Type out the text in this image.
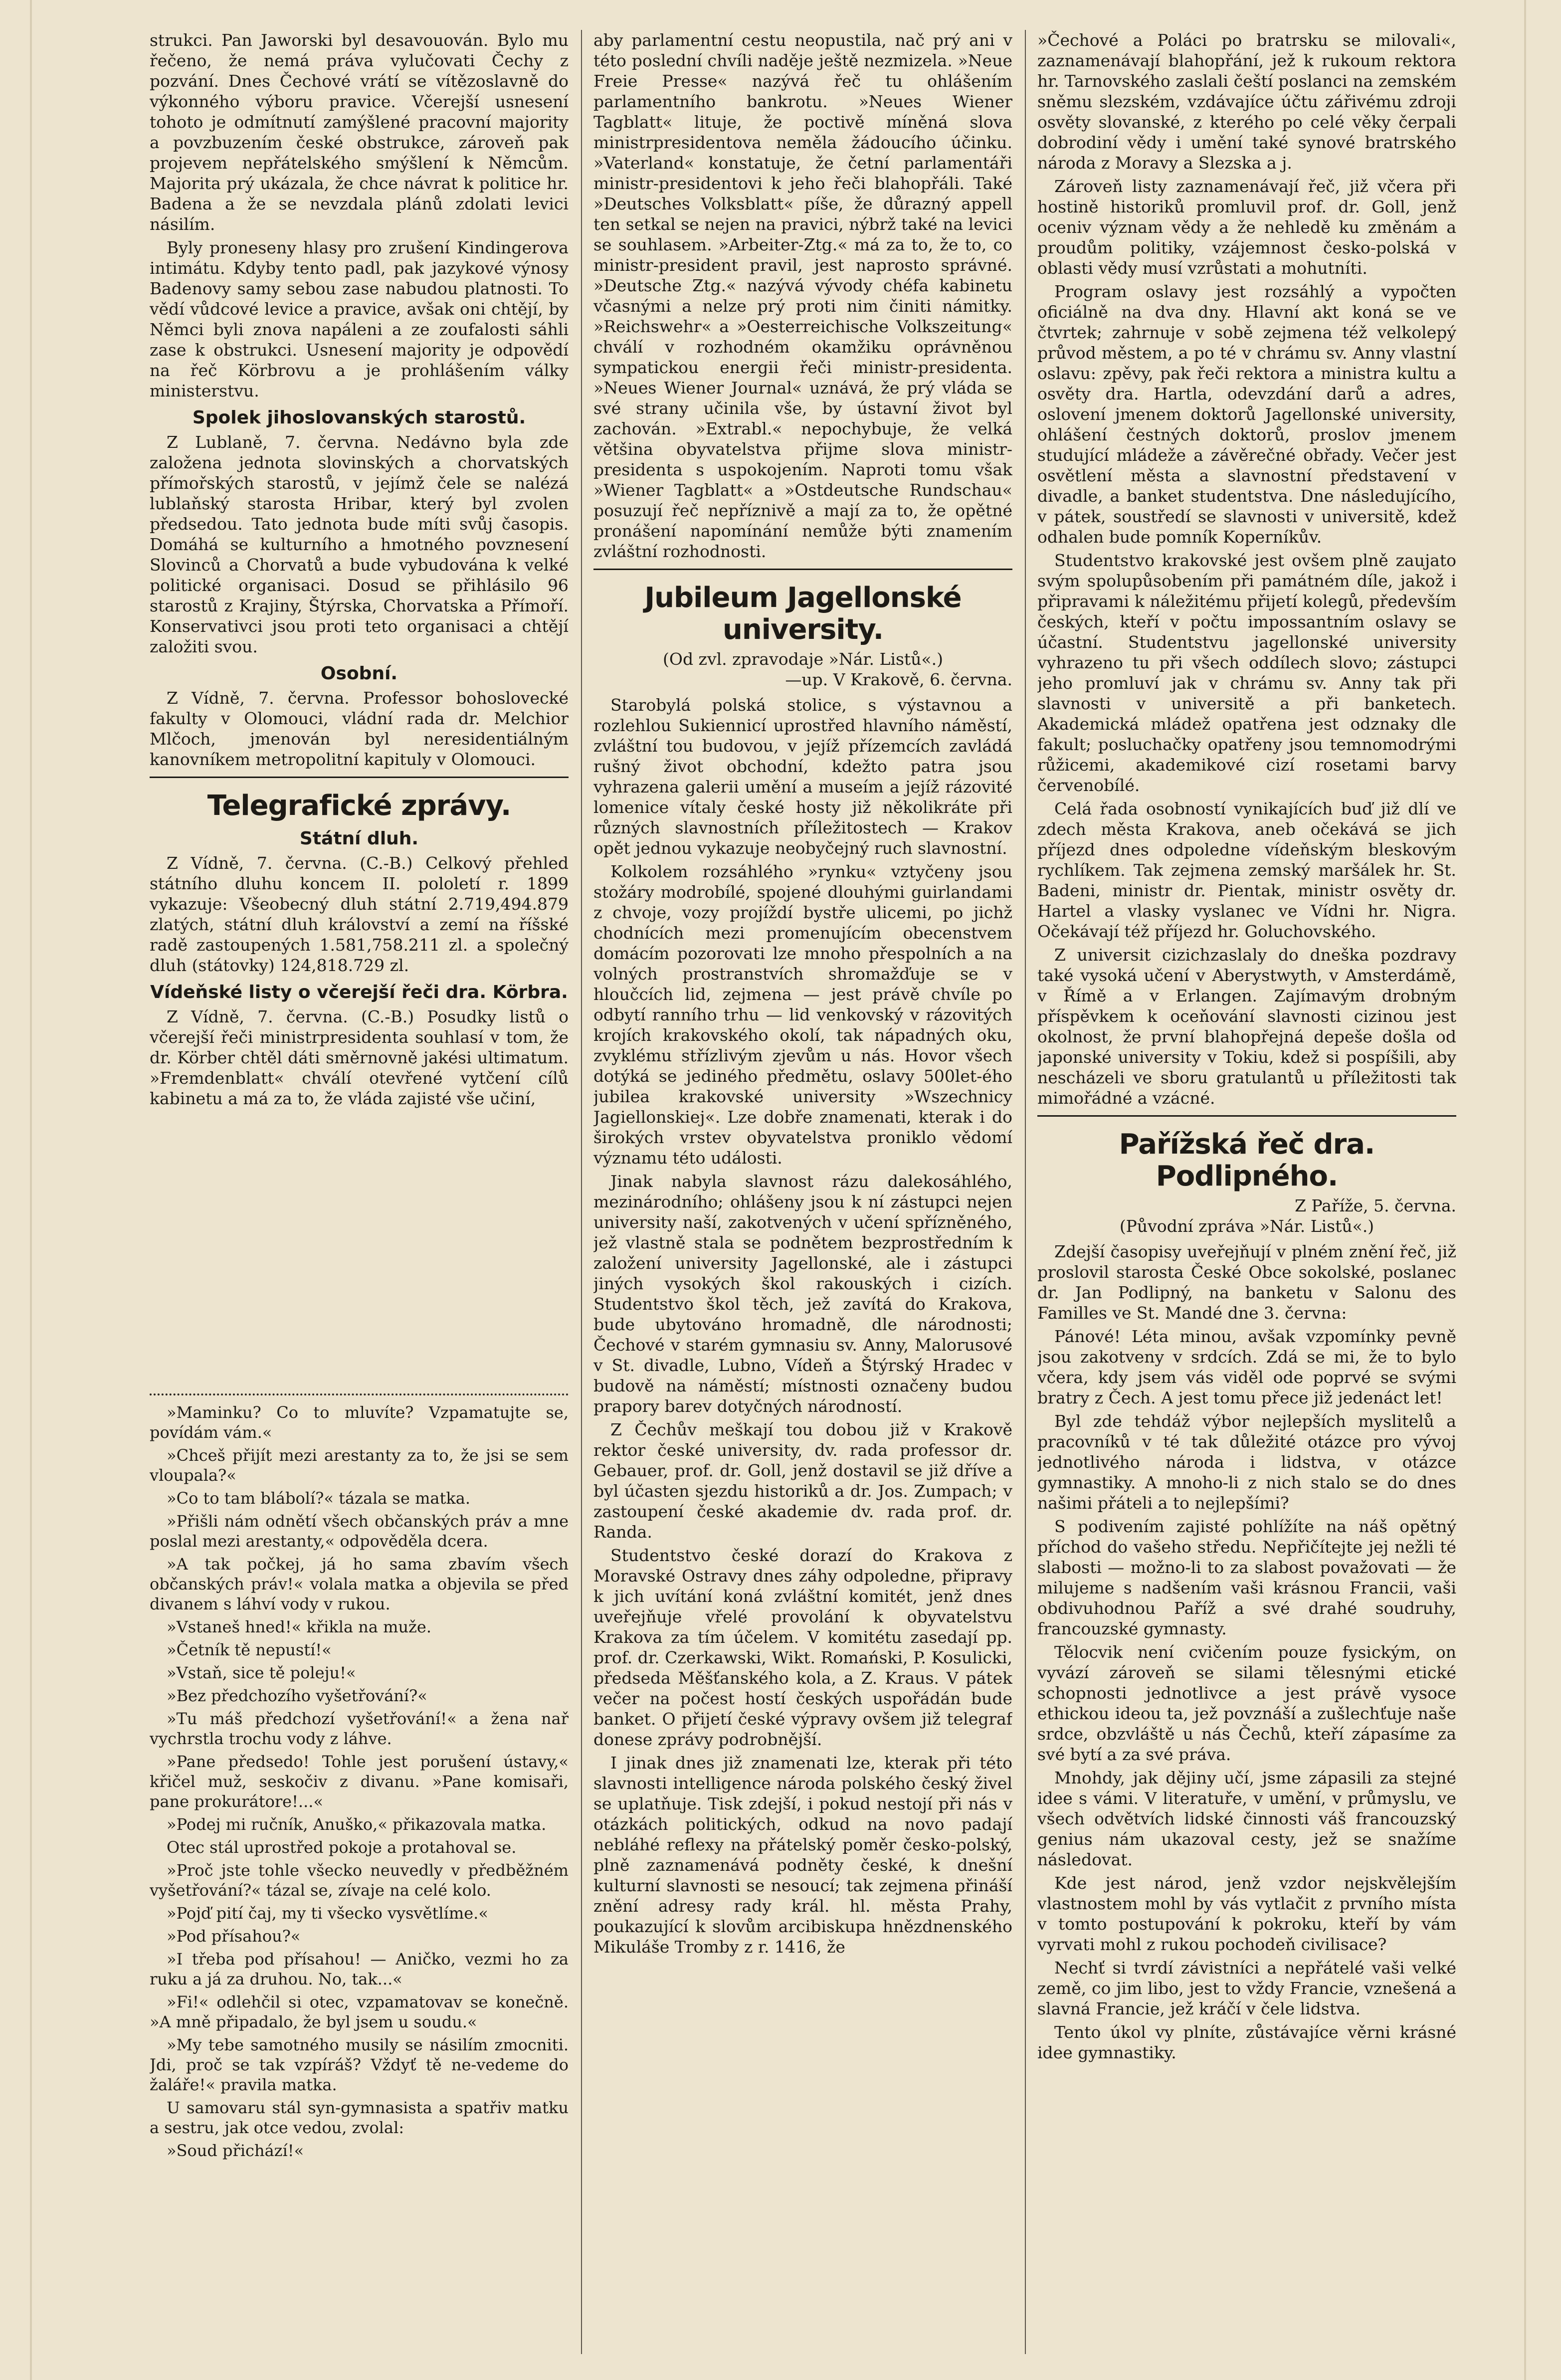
strukci. Pan Jaworski byl desavouován. Bylo mu řečeno, že nemá práva vylučovati Čechy z pozvání. Dnes Čechové vrátí se vítězoslavně do výkonného výboru pravice. Včerejší usnesení tohoto je odmítnutí zamýšlené pracovní majority a povzbuzením české obstrukce, zároveň pak projevem nepřátelského smýšlení k Němcům. Majorita prý ukázala, že chce návrat k politice hr. Badena a že se nevzdala plánů zdolati levici násilím.

Byly proneseny hlasy pro zrušení Kindingerova intimátu. Kdyby tento padl, pak jazykové výnosy Badenovy samy sebou zase nabudou platnosti. To vědí vůdcové levice a pravice, avšak oni chtějí, by Němci byli znova napáleni a ze zoufalosti sáhli zase k obstrukci. Usnesení majority je odpovědí na řeč Körbrovu a je prohlášením války ministerstvu.

Spolek jihoslovanských starostů.

Z Lublaně, 7. června. Nedávno byla zde založena jednota slovinských a chorvatských přímořských starostů, v jejímž čele se nalézá lublaňský starosta Hribar, který byl zvolen předsedou. Tato jednota bude míti svůj časopis. Domáhá se kulturního a hmotného povznesení Slovinců a Chorvatů a bude vybudována k velké politické organisaci. Dosud se přihlásilo 96 starostů z Krajiny, Štýrska, Chorvatska a Přímoří. Konservativci jsou proti teto organisaci a chtějí založiti svou.

Osobní.

Z Vídně, 7. června. Professor bohoslovecké fakulty v Olomouci, vládní rada dr. Melchior Mlčoch, jmenován byl neresidentiálným kanovníkem metropolitní kapituly v Olomouci.

Telegrafické zprávy.
Státní dluh.

Z Vídně, 7. června. (C.-B.) Celkový přehled státního dluhu koncem II. pololetí r. 1899 vykazuje: Všeobecný dluh státní 2.719,494.879 zlatých, státní dluh království a zemí na říšské radě zastoupených 1.581,758.211 zl. a společný dluh (státovky) 124,818.729 zl.

Vídeňské listy o včerejší řeči dra. Körbra.

Z Vídně, 7. června. (C.-B.) Posudky listů o včerejší řeči ministrpresidenta souhlasí v tom, že dr. Körber chtěl dáti směrnovně jakési ultimatum. »Fremdenblatt« chválí otevřené vytčení cílů kabinetu a má za to, že vláda zajisté vše učiní,

aby parlamentní cestu neopustila, nač prý ani v této poslední chvíli naděje ještě nezmizela. »Neue Freie Presse« nazývá řeč tu ohlášením parlamentního bankrotu. »Neues Wiener Tagblatt« lituje, že poctivě míněná slova ministrpresidentova neměla žádoucího účinku. »Vaterland« konstatuje, že četní parlamentáři ministr-presidentovi k jeho řeči blahopřáli. Také »Deutsches Volksblatt« píše, že důrazný appell ten setkal se nejen na pravici, nýbrž také na levici se souhlasem. »Arbeiter-Ztg.« má za to, že to, co ministr-president pravil, jest naprosto správné. »Deutsche Ztg.« nazývá vývody chéfa kabinetu včasnými a nelze prý proti nim činiti námitky. »Reichswehr« a »Oesterreichische Volkszeitung« chválí v rozhodném okamžiku oprávněnou sympatickou energii řeči ministr-presidenta. »Neues Wiener Journal« uznává, že prý vláda se své strany učinila vše, by ústavní život byl zachován. »Extrabl.« nepochybuje, že velká většina obyvatelstva přijme slova ministr-presidenta s uspokojením. Naproti tomu však »Wiener Tagblatt« a »Ostdeutsche Rundschau« posuzují řeč nepříznivě a mají za to, že opětné pronášení napomínání nemůže býti znamením zvláštní rozhodnosti.

Jubileum Jagellonské university.

(Od zvl. zpravodaje »Nár. Listů«.)

—up. V Krakově, 6. června.

Starobylá polská stolice, s výstavnou a rozlehlou Sukiennicí uprostřed hlavního náměstí, zvláštní tou budovou, v jejíž přízemcích zavládá rušný život obchodní, kdežto patra jsou vyhrazena galerii umění a museím a jejíž rázovité lomenice vítaly české hosty již několikráte při různých slavnostních příležitostech — Krakov opět jednou vykazuje neobyčejný ruch slavnostní.

Kolkolem rozsáhlého »rynku« vztyčeny jsou stožáry modrobílé, spojené dlouhými guirlandami z chvoje, vozy projíždí bystře ulicemi, po jichž chodnících mezi promenujícím obecenstvem domácím pozorovati lze mnoho přespolních a na volných prostranstvích shromažďuje se v hloučcích lid, zejmena — jest právě chvíle po odbytí ranního trhu — lid venkovský v rázovitých krojích krakovského okolí, tak nápadných oku, zvyklému střízlivým zjevům u nás. Hovor všech dotýká se jediného předmětu, oslavy 500let-ého jubilea krakovské university »Wszechnicy Jagiellonskiej«. Lze dobře znamenati, kterak i do širokých vrstev obyvatelstva proniklo vědomí významu této události.

Jinak nabyla slavnost rázu dalekosáhlého, mezinárodního; ohlášeny jsou k ní zástupci nejen university naší, zakotvených v učení spřízněného, jež vlastně stala se podnětem bezprostředním k založení university Jagellonské, ale i zástupci jiných vysokých škol rakouských i cizích. Studentstvo škol těch, jež zavítá do Krakova, bude ubytováno hromadně, dle národnosti; Čechové v starém gymnasiu sv. Anny, Malorusové v St. divadle, Lubno, Vídeň a Štýrský Hradec v budově na náměstí; místnosti označeny budou prapory barev dotyčných národností.

Z Čechův meškají tou dobou již v Krakově rektor české university, dv. rada professor dr. Gebauer, prof. dr. Goll, jenž dostavil se již dříve a byl účasten sjezdu historiků a dr. Jos. Zumpach; v zastoupení české akademie dv. rada prof. dr. Randa.

Studentstvo české dorazí do Krakova z Moravské Ostravy dnes záhy odpoledne, připravy k jich uvítání koná zvláštní komitét, jenž dnes uveřejňuje vřelé provolání k obyvatelstvu Krakova za tím účelem. V komitétu zasedají pp. prof. dr. Czerkawski, Wikt. Romański, P. Kosulicki, předseda Měšťanského kola, a Z. Kraus. V pátek večer na počest hostí českých uspořádán bude banket. O přijetí české výpravy ovšem již telegraf donese zprávy podrobnější.

I jinak dnes již znamenati lze, kterak při této slavnosti intelligence národa polského český živel se uplatňuje. Tisk zdejší, i pokud nestojí při nás v otázkách politických, odkud na novo padají nebláhé reflexy na přátelský poměr česko-polský, plně zaznamenává podněty české, k dnešní kulturní slavnosti se nesoucí; tak zejmena přináší znění adresy rady král. hl. města Prahy, poukazující k slovům arcibiskupa hnězdnenského Mikuláše Tromby z r. 1416, že

»Čechové a Poláci po bratrsku se milovali«, zaznamenávají blahopřání, jež k rukoum rektora hr. Tarnovského zaslali čeští poslanci na zemském sněmu slezském, vzdávajíce účtu zářivému zdroji osvěty slovanské, z kterého po celé věky čerpali dobrodiní vědy i umění také synové bratrského národa z Moravy a Slezska a j.

Zároveň listy zaznamenávají řeč, již včera při hostině historiků promluvil prof. dr. Goll, jenž oceniv význam vědy a že nehledě ku změnám a proudům politiky, vzájemnost česko-polská v oblasti vědy musí vzrůstati a mohutníti.

Program oslavy jest rozsáhlý a vypočten oficiálně na dva dny. Hlavní akt koná se ve čtvrtek; zahrnuje v sobě zejmena též velkolepý průvod městem, a po té v chrámu sv. Anny vlastní oslavu: zpěvy, pak řeči rektora a ministra kultu a osvěty dra. Hartla, odevzdání darů a adres, oslovení jmenem doktorů Jagellonské university, ohlášení čestných doktorů, proslov jmenem studující mládeže a závěrečné obřady. Večer jest osvětlení města a slavnostní představení v divadle, a banket studentstva. Dne následujícího, v pátek, soustředí se slavnosti v universitě, kdež odhalen bude pomník Koperníkův.

Studentstvo krakovské jest ovšem plně zaujato svým spolupůsobením při památném díle, jakož i připravami k náležitému přijetí kolegů, především českých, kteří v počtu impossantním oslavy se účastní. Studentstvu jagellonské university vyhrazeno tu při všech oddílech slovo; zástupci jeho promluví jak v chrámu sv. Anny tak při slavnosti v universitě a při banketech. Akademická mládež opatřena jest odznaky dle fakult; posluchačky opatřeny jsou temnomodrými růžicemi, akademikové cizí rosetami barvy červenobílé.

Celá řada osobností vynikajících buď již dlí ve zdech města Krakova, aneb očekává se jich příjezd dnes odpoledne vídeňským bleskovým rychlíkem. Tak zejmena zemský maršálek hr. St. Badeni, ministr dr. Pientak, ministr osvěty dr. Hartel a vlasky vyslanec ve Vídni hr. Nigra. Očekávají též příjezd hr. Goluchovského.

Z universit cizichzaslaly do dneška pozdravy také vysoká učení v Aberystwyth, v Amsterdámě, v Římě a v Erlangen. Zajímavým drobným příspěvkem k oceňování slavnosti cizinou jest okolnost, že první blahopřejná depeše došla od japonské university v Tokiu, kdež si pospíšili, aby nescházeli ve sboru gratulantů u příležitosti tak mimořádné a vzácné.

Pařížská řeč dra. Podlipného.

Z Paříže, 5. června.

(Původní zpráva »Nár. Listů«.)

Zdejší časopisy uveřejňují v plném znění řeč, již proslovil starosta České Obce sokolské, poslanec dr. Jan Podlipný, na banketu v Salonu des Familles ve St. Mandé dne 3. června:

Pánové! Léta minou, avšak vzpomínky pevně jsou zakotveny v srdcích. Zdá se mi, že to bylo včera, kdy jsem vás viděl ode poprvé se svými bratry z Čech. A jest tomu přece již jedenáct let!

Byl zde tehdáž výbor nejlepších myslitelů a pracovníků v té tak důležité otázce pro vývoj jednotlivého národa i lidstva, v otázce gymnastiky. A mnoho-li z nich stalo se do dnes našimi přáteli a to nejlepšími?

S podivením zajisté pohlížíte na náš opětný příchod do vašeho středu. Nepřičítejte jej nežli té slabosti — možno-li to za slabost považovati — že milujeme s nadšením vaši krásnou Francii, vaši obdivuhodnou Paříž a své drahé soudruhy, francouzské gymnasty.

Tělocvik není cvičením pouze fysickým, on vyvází zároveň se silami tělesnými etické schopnosti jednotlivce a jest právě vysoce ethickou ideou ta, jež povznáší a zušlechťuje naše srdce, obzvláště u nás Čechů, kteří zápasíme za své bytí a za své práva.

Mnohdy, jak dějiny učí, jsme zápasili za stejné idee s vámi. V literatuře, v umění, v průmyslu, ve všech odvětvích lidské činnosti váš francouzský genius nám ukazoval cesty, jež se snažíme následovat.

Kde jest národ, jenž vzdor nejskvělejším vlastnostem mohl by vás vytlačit z prvního místa v tomto postupování k pokroku, kteří by vám vyrvati mohl z rukou pochodeň civilisace?

Nechť si tvrdí závistníci a nepřátelé vaši velké země, co jim libo, jest to vždy Francie, vznešená a slavná Francie, jež kráčí v čele lidstva.

Tento úkol vy plníte, zůstávajíce věrni krásné idee gymnastiky.

»Maminku? Co to mluvíte? Vzpamatujte se, povídám vám.«

»Chceš přijít mezi arestanty za to, že jsi se sem vloupala?«

»Co to tam blábolí?« tázala se matka.

»Přišli nám odnětí všech občanských práv a mne poslal mezi arestanty,« odpověděla dcera.

»A tak počkej, já ho sama zbavím všech občanských práv!« volala matka a objevila se před divanem s láhví vody v rukou.

»Vstaneš hned!« křikla na muže.

»Četník tě nepustí!«

»Vstaň, sice tě poleju!«

»Bez předchozího vyšetřování?«

»Tu máš předchozí vyšetřování!« a žena nař vychrstla trochu vody z láhve.

»Pane předsedo! Tohle jest porušení ústavy,« křičel muž, seskočiv z divanu. »Pane komisaři, pane prokurátore!...«

»Podej mi ručník, Anuško,« přikazovala matka.

Otec stál uprostřed pokoje a protahoval se.

»Proč jste tohle všecko neuvedly v předběžném vyšetřování?« tázal se, zívaje na celé kolo.

»Pojď pití čaj, my ti všecko vysvětlíme.«

»Pod přísahou?«

»I třeba pod přísahou! — Aničko, vezmi ho za ruku a já za druhou. No, tak...«

»Fi!« odlehčil si otec, vzpamatovav se konečně. »A mně připadalo, že byl jsem u soudu.«

»My tebe samotného musily se násilím zmocniti. Jdi, proč se tak vzpíráš? Vždyť tě ne-vedeme do žaláře!« pravila matka.

U samovaru stál syn-gymnasista a spatřiv matku a sestru, jak otce vedou, zvolal:

»Soud přichází!«
